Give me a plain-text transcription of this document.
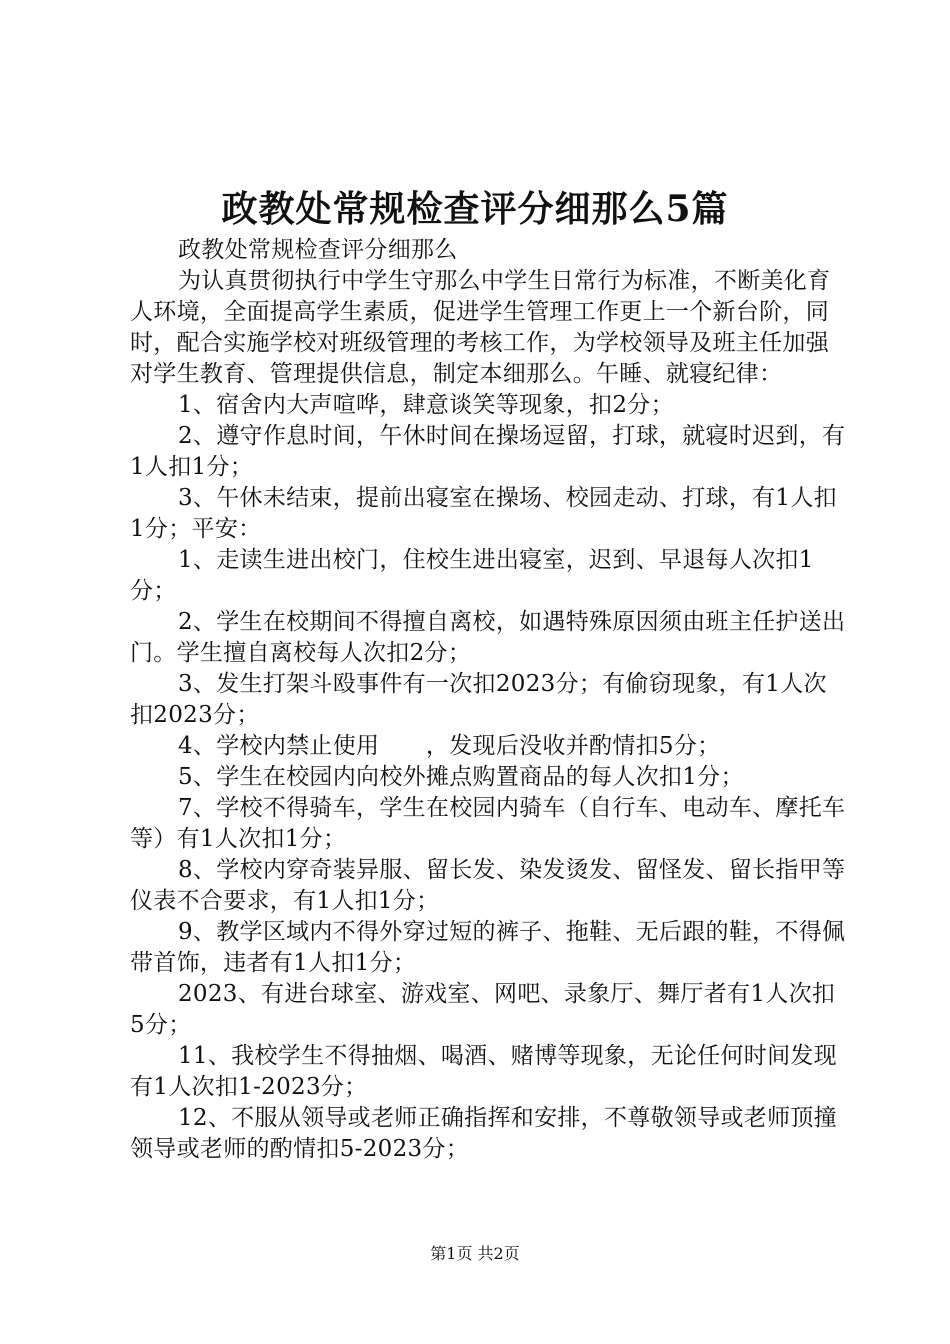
政教处常规检查评分细那么5篇

政教处常规检查评分细那么

为认真贯彻执行中学生守那么中学生日常行为标准，不断美化育人环境，全面提高学生素质，促进学生管理工作更上一个新台阶，同时，配合实施学校对班级管理的考核工作，为学校领导及班主任加强对学生教育、管理提供信息，制定本细那么。午睡、就寝纪律：

1、宿舍内大声喧哗，肆意谈笑等现象，扣2分；

2、遵守作息时间，午休时间在操场逗留，打球，就寝时迟到，有1人扣1分；

3、午休未结束，提前出寝室在操场、校园走动、打球，有1人扣1分；平安：

1、走读生进出校门，住校生进出寝室，迟到、早退每人次扣1分；

2、学生在校期间不得擅自离校，如遇特殊原因须由班主任护送出门。学生擅自离校每人次扣2分；

3、发生打架斗殴事件有一次扣2023分；有偷窃现象，有1人次扣2023分；

4、学校内禁止使用　　，发现后没收并酌情扣5分；

5、学生在校园内向校外摊点购置商品的每人次扣1分；

7、学校不得骑车，学生在校园内骑车（自行车、电动车、摩托车等）有1人次扣1分；

8、学校内穿奇装异服、留长发、染发烫发、留怪发、留长指甲等仪表不合要求，有1人扣1分；

9、教学区域内不得外穿过短的裤子、拖鞋、无后跟的鞋，不得佩带首饰，违者有1人扣1分；

2023、有进台球室、游戏室、网吧、录象厅、舞厅者有1人次扣5分；

11、我校学生不得抽烟、喝酒、赌博等现象，无论任何时间发现有1人次扣1-2023分；

12、不服从领导或老师正确指挥和安排，不尊敬领导或老师顶撞领导或老师的酌情扣5-2023分；

第1页 共2页
